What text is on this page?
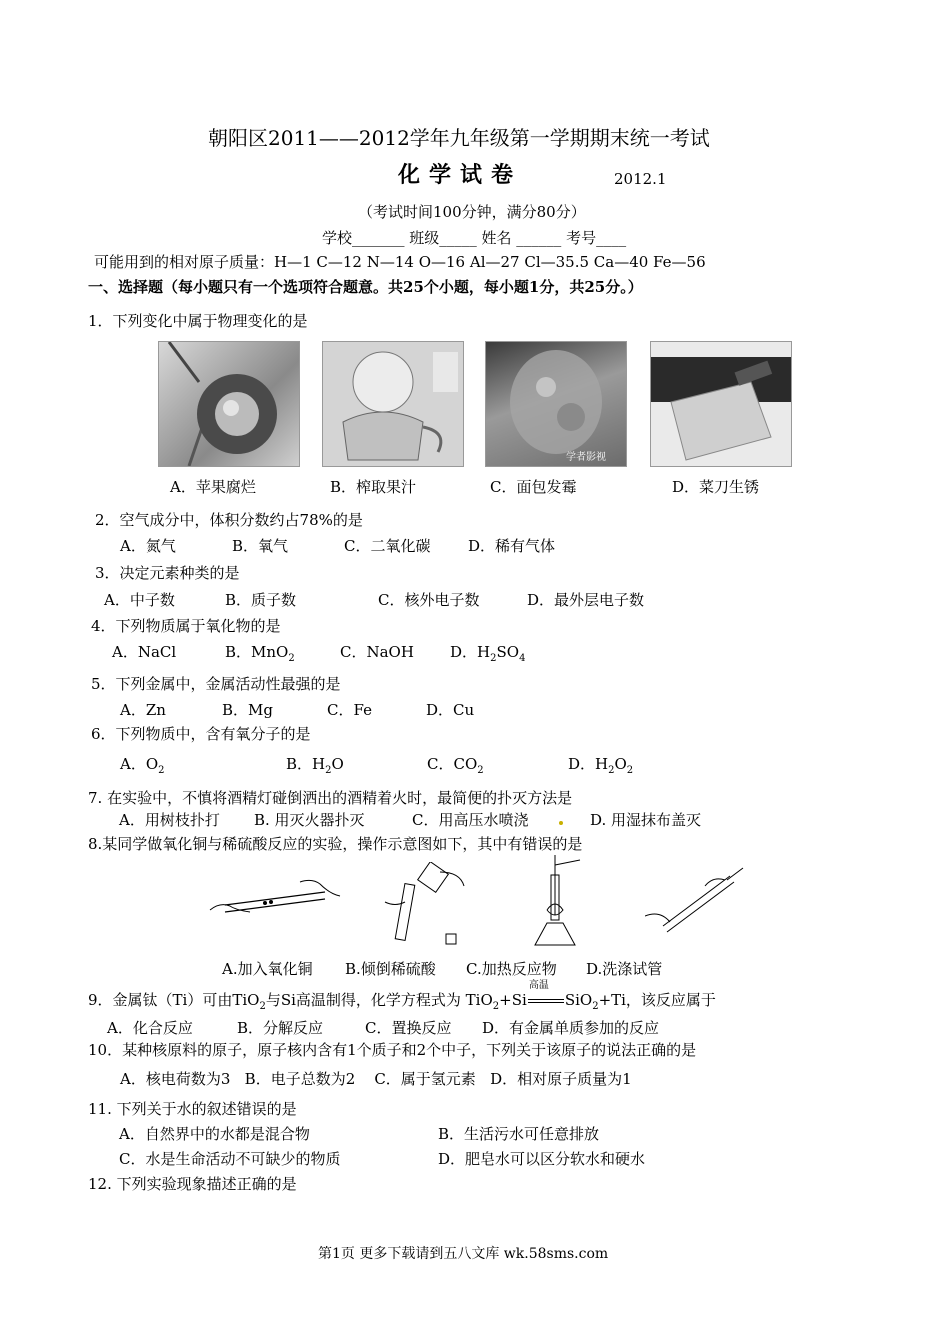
朝阳区2011——2012学年九年级第一学期期末统一考试
化学试卷	2012.1
（考试时间100分钟，满分80分）
学校_______ 班级_____ 姓名 ______ 考号____
可能用到的相对原子质量：H—1 C—12 N—14 O—16 Al—27 Cl—35.5 Ca—40 Fe—56
一、选择题（每小题只有一个选项符合题意。共25个小题，每小题1分，共25分。）
1．下列变化中属于物理变化的是
学者影视
A．苹果腐烂	B．榨取果汁	C．面包发霉	D．菜刀生锈
2．空气成分中，体积分数约占78%的是
A．氮气	B．氧气	C．二氧化碳	D．稀有气体
3．决定元素种类的是
A．中子数	B．质子数	C．核外电子数	D．最外层电子数
4．下列物质属于氧化物的是
A．NaCl	B．MnO$_2$	C．NaOH D．$H_2SO_4$
5．下列金属中，金属活动性最强的是
A．Zn	B．Mg	C．Fe	D．Cu
6．下列物质中，含有氧分子的是
A．$O_2$	B．$H_2O$	C．$CO_2$	D．$H_2O_2$
7. 在实验中，不慎将酒精灯碰倒洒出的酒精着火时，最简便的扑灭方法是
A．用树枝扑打 B. 用灭火器扑灭	C．用高压水喷浇	D. 用湿抹布盖灭
8.某同学做氧化铜与稀硫酸反应的实验，操作示意图如下，其中有错误的是
A.加入氧化铜 B.倾倒稀硫酸 C.加热反应物 D.洗涤试管
9．金属钛（Ti）可由TiO$_2$与Si高温制得，化学方程式为 TiO$_2$+Si
高温
SiO$_2$+Ti，该反应属于
A．化合反应	B．分解反应	C．置换反应 D．有金属单质参加的反应
10．某种核原料的原子，原子核内含有1个质子和2个中子，下列关于该原子的说法正确的是
A．核电荷数为3   B．电子总数为2    C．属于氢元素   D．相对原子质量为1
11. 下列关于水的叙述错误的是
A．自然界中的水都是混合物	B．生活污水可任意排放
C．水是生命活动不可缺少的物质	D．肥皂水可以区分软水和硬水
12. 下列实验现象描述正确的是
第1页 更多下载请到五八文库 wk.58sms.com
